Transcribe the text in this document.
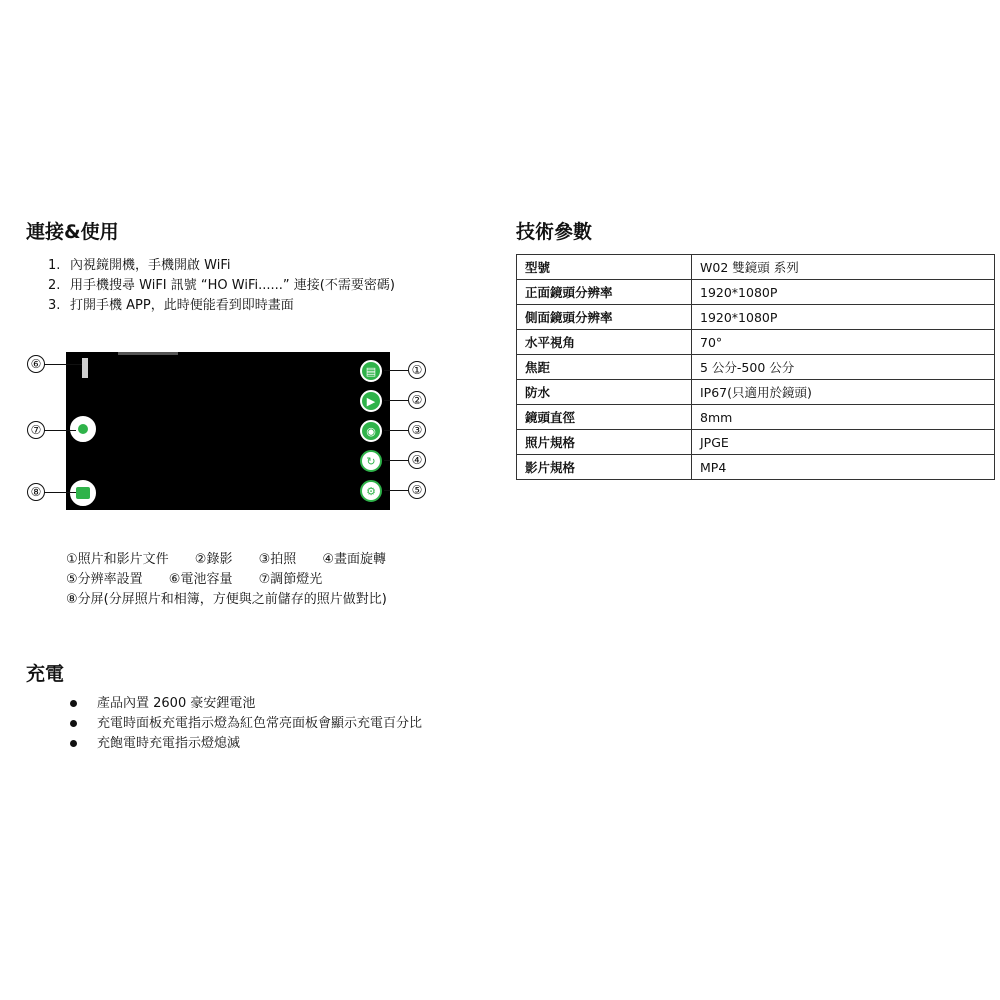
連接&使用
1. 內視鏡開機，手機開啟 WiFi
2. 用手機搜尋 WiFI 訊號 “HO WiFi......” 連接(不需要密碼)
3. 打開手機 APP，此時便能看到即時畫面
▤
▶
◉
↻
⚙
①
②
③
④
⑤
⑥
⑦
⑧
①照片和影片文件 ②錄影 ③拍照 ④畫面旋轉
⑤分辨率設置 ⑥電池容量 ⑦調節燈光
⑧分屏(分屏照片和相簿，方便與之前儲存的照片做對比)
充電
產品內置 2600 豪安鋰電池
充電時面板充電指示燈為紅色常亮面板會顯示充電百分比
充飽電時充電指示燈熄滅
技術參數
型號	W02 雙鏡頭 系列
正面鏡頭分辨率	1920*1080P
側面鏡頭分辨率	1920*1080P
水平視角	70°
焦距	5 公分-500 公分
防水	IP67(只適用於鏡頭)
鏡頭直徑	8mm
照片規格	JPGE
影片規格	MP4
